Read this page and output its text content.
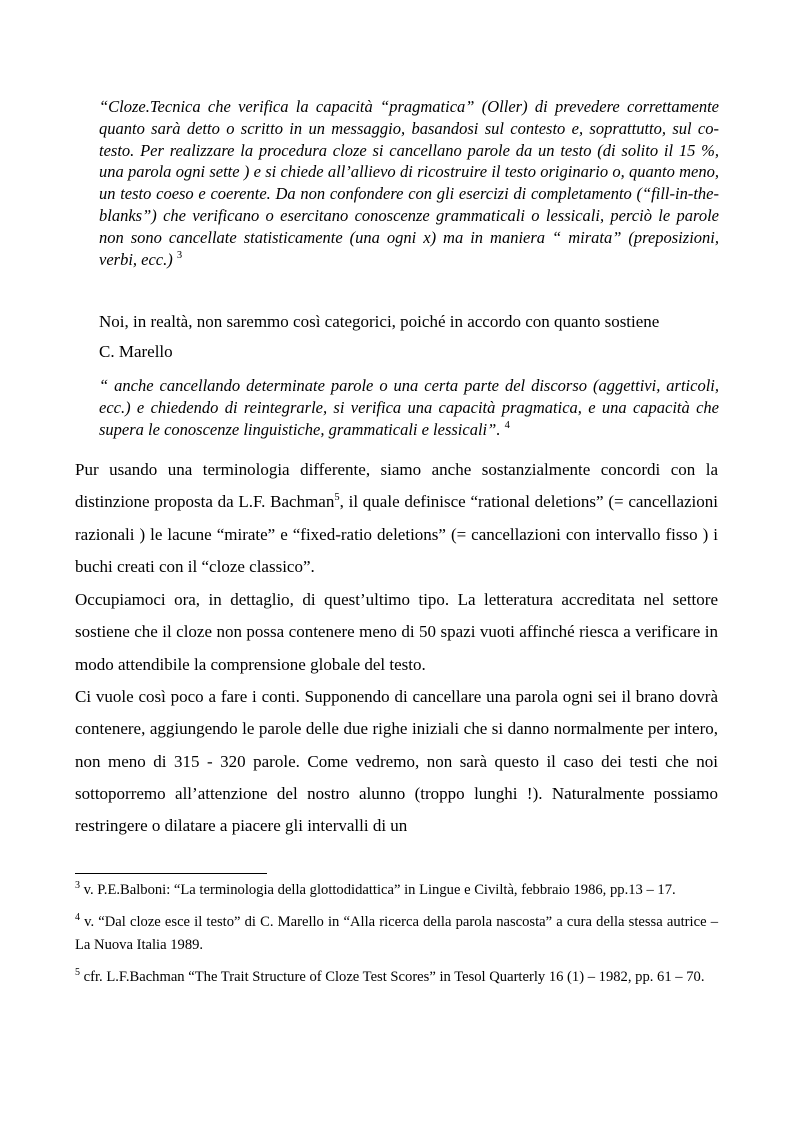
“Cloze.Tecnica che verifica la capacità “pragmatica” (Oller) di prevedere correttamente quanto sarà detto o scritto in un messaggio, basandosi sul contesto e, soprattutto, sul co-testo. Per realizzare la procedura cloze si cancellano parole da un testo (di solito il 15 %, una parola ogni sette ) e si chiede all’allievo di ricostruire il testo originario o, quanto meno, un testo coeso e coerente. Da non confondere con gli esercizi di completamento (“fill-in-the-blanks”) che verificano o esercitano conoscenze grammaticali o lessicali, perciò le parole non sono cancellate statisticamente (una ogni x) ma in maniera “ mirata” (preposizioni, verbi, ecc.) $^3$
Noi, in realtà, non saremmo così categorici, poiché in accordo con quanto sostiene
C. Marello
“ anche cancellando determinate parole o una certa parte del discorso (aggettivi, articoli, ecc.) e chiedendo di reintegrarle, si verifica una capacità pragmatica, e una capacità che supera le conoscenze linguistiche, grammaticali e lessicali”. $^4$
Pur usando una terminologia differente, siamo anche sostanzialmente concordi con la distinzione proposta da L.F. Bachman$^5$, il quale definisce “rational deletions” (= cancellazioni razionali ) le lacune “mirate” e “fixed-ratio deletions” (= cancellazioni con intervallo fisso ) i buchi creati con il “cloze classico”.
Occupiamoci ora, in dettaglio, di quest’ultimo tipo. La letteratura accreditata nel settore sostiene che il cloze non possa contenere meno di 50 spazi vuoti affinché riesca a verificare in modo attendibile la comprensione globale del testo.
Ci vuole così poco a fare i conti. Supponendo di cancellare una parola ogni sei il brano dovrà contenere, aggiungendo le parole delle due righe iniziali che si danno normalmente per intero, non meno di 315 - 320 parole. Come vedremo, non sarà questo il caso dei testi che noi sottoporremo all’attenzione del nostro alunno (troppo lunghi !). Naturalmente possiamo restringere o dilatare a piacere gli intervalli di un
$^3$ v. P.E.Balboni: “La terminologia della glottodidattica” in Lingue e Civiltà, febbraio 1986, pp.13 – 17.
$^4$ v. “Dal cloze esce il testo” di C. Marello in “Alla ricerca della parola nascosta” a cura della stessa autrice – La Nuova Italia 1989.
$^5$ cfr. L.F.Bachman “The Trait Structure of Cloze Test Scores” in Tesol Quarterly 16 (1) – 1982, pp. 61 – 70.
